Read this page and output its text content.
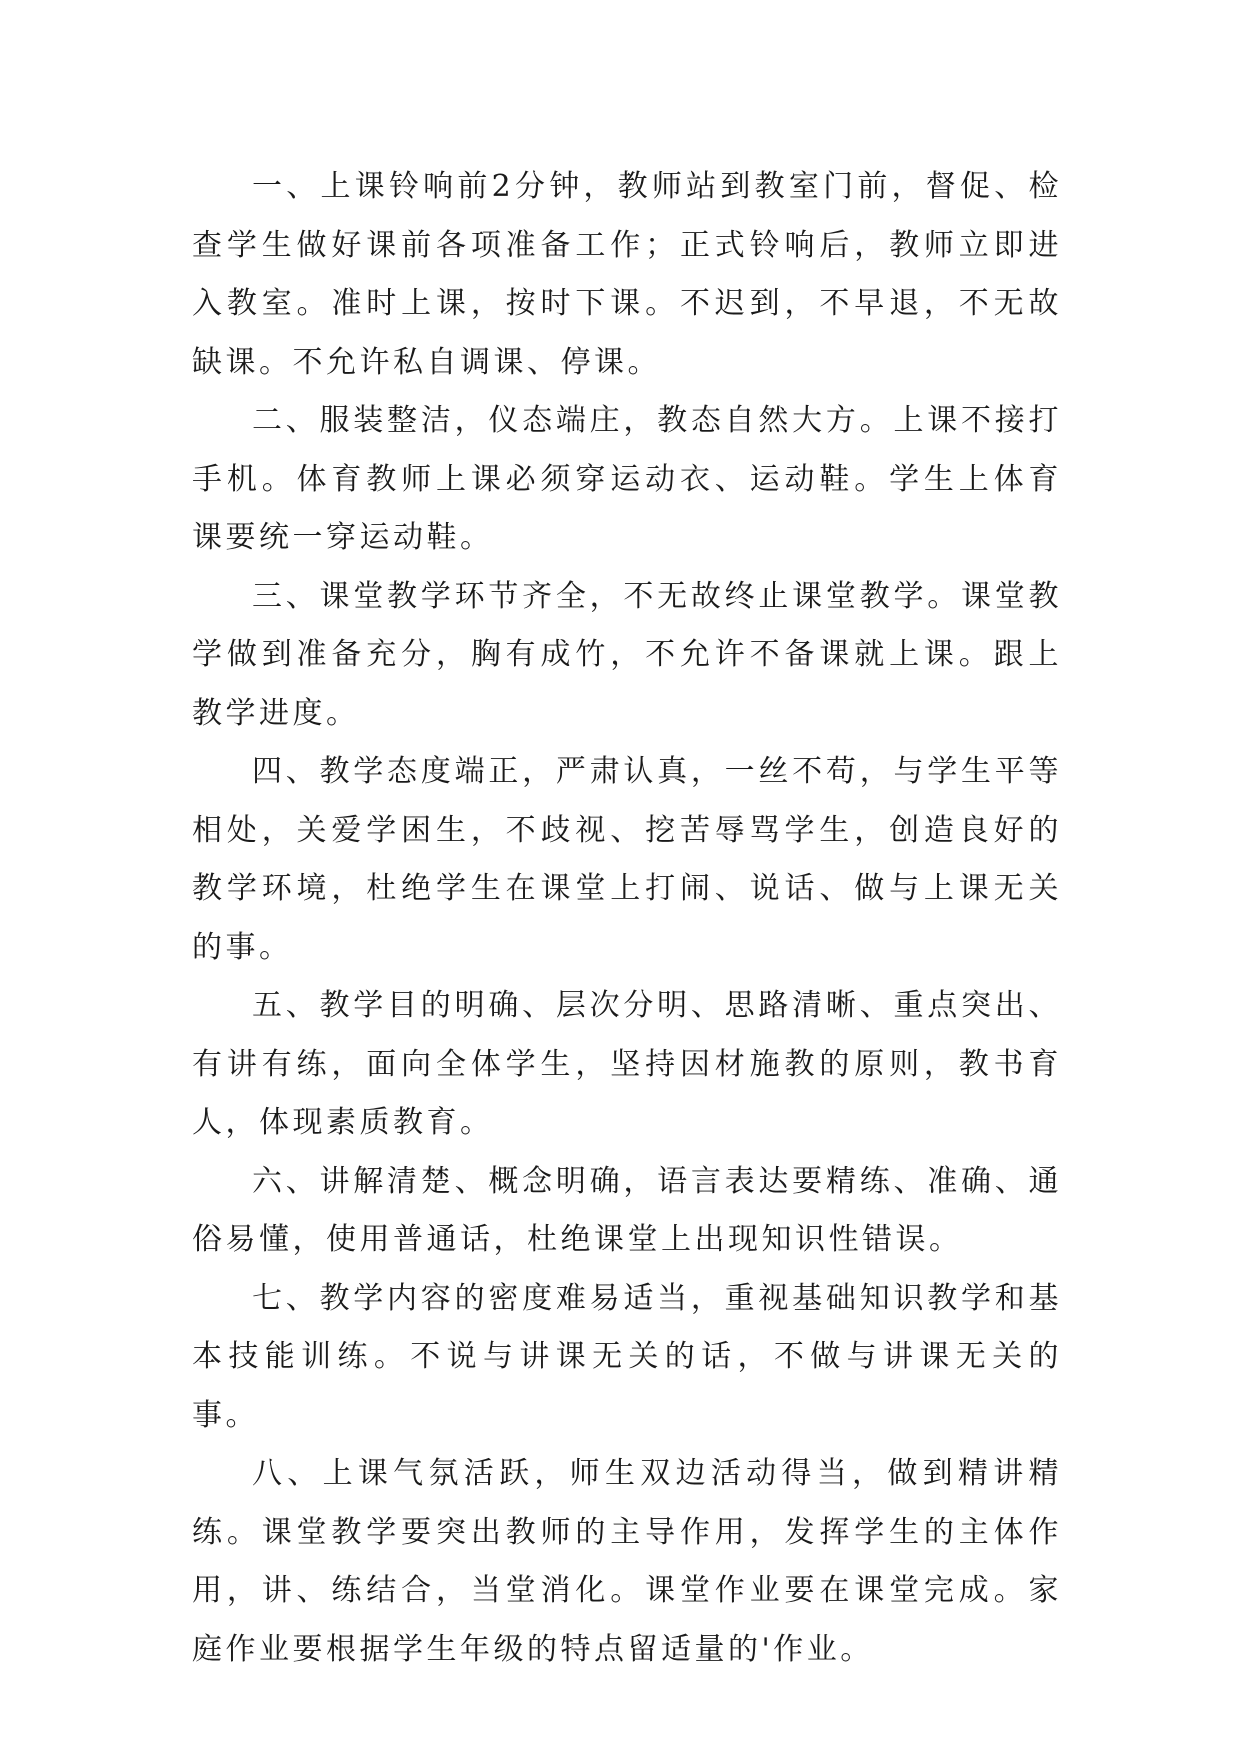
一、上课铃响前2分钟，教师站到教室门前，督促、检查学生做好课前各项准备工作；正式铃响后，教师立即进入教室。准时上课，按时下课。不迟到，不早退，不无故缺课。不允许私自调课、停课。

二、服装整洁，仪态端庄，教态自然大方。上课不接打手机。体育教师上课必须穿运动衣、运动鞋。学生上体育课要统一穿运动鞋。

三、课堂教学环节齐全，不无故终止课堂教学。课堂教学做到准备充分，胸有成竹，不允许不备课就上课。跟上教学进度。

四、教学态度端正，严肃认真，一丝不苟，与学生平等相处，关爱学困生，不歧视、挖苦辱骂学生，创造良好的教学环境，杜绝学生在课堂上打闹、说话、做与上课无关的事。

五、教学目的明确、层次分明、思路清晰、重点突出、有讲有练，面向全体学生，坚持因材施教的原则，教书育人，体现素质教育。

六、讲解清楚、概念明确，语言表达要精练、准确、通俗易懂，使用普通话，杜绝课堂上出现知识性错误。

七、教学内容的密度难易适当，重视基础知识教学和基本技能训练。不说与讲课无关的话，不做与讲课无关的事。

八、上课气氛活跃，师生双边活动得当，做到精讲精练。课堂教学要突出教师的主导作用，发挥学生的主体作用，讲、练结合，当堂消化。课堂作业要在课堂完成。家庭作业要根据学生年级的特点留适量的'作业。
